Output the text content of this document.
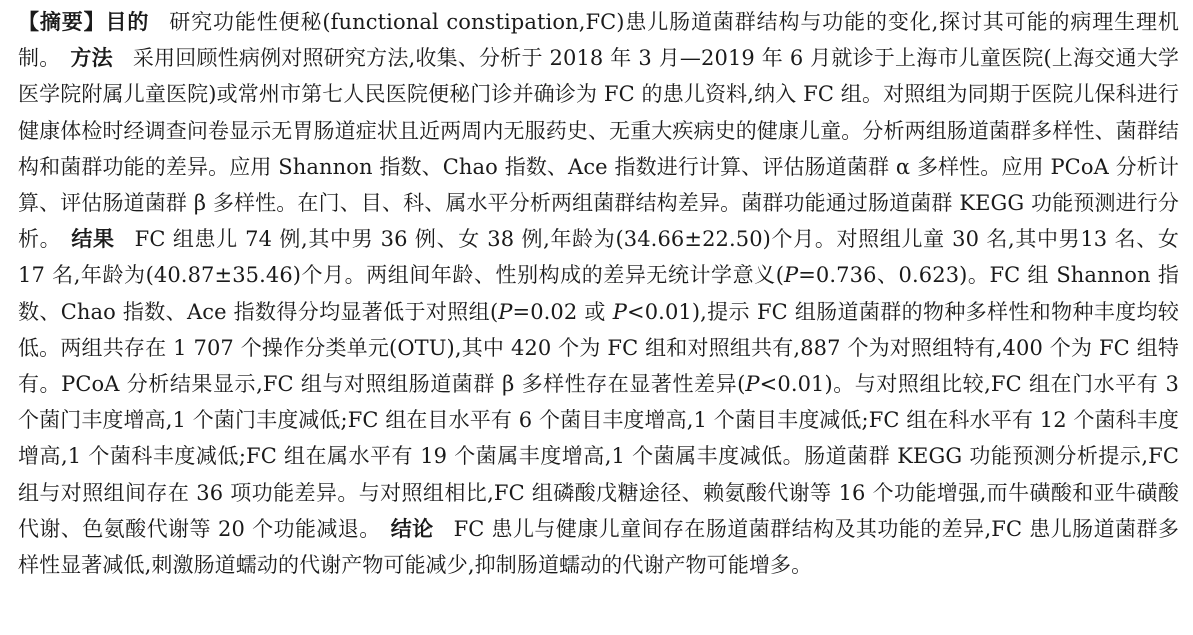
【摘要】目的 研究功能性便秘(functional constipation,FC)患儿肠道菌群结构与功能的变化,探讨其可能的病理生理机制。 方法 采用回顾性病例对照研究方法,收集、分析于 2018 年 3 月—2019 年 6 月就诊于上海市儿童医院(上海交通大学医学院附属儿童医院)或常州市第七人民医院便秘门诊并确诊为 FC 的患儿资料,纳入 FC 组。对照组为同期于医院儿保科进行健康体检时经调查问卷显示无胃肠道症状且近两周内无服药史、无重大疾病史的健康儿童。分析两组肠道菌群多样性、菌群结构和菌群功能的差异。应用 Shannon 指数、Chao 指数、Ace 指数进行计算、评估肠道菌群 α 多样性。应用 PCoA 分析计算、评估肠道菌群 β 多样性。在门、目、科、属水平分析两组菌群结构差异。菌群功能通过肠道菌群 KEGG 功能预测进行分析。 结果 FC 组患儿 74 例,其中男 36 例、女 38 例,年龄为(34.66±22.50)个月。对照组儿童 30 名,其中男13 名、女 17 名,年龄为(40.87±35.46)个月。两组间年龄、性别构成的差异无统计学意义(P=0.736、0.623)。FC 组 Shannon 指数、Chao 指数、Ace 指数得分均显著低于对照组(P=0.02 或 P<0.01),提示 FC 组肠道菌群的物种多样性和物种丰度均较低。两组共存在 1 707 个操作分类单元(OTU),其中 420 个为 FC 组和对照组共有,887 个为对照组特有,400 个为 FC 组特有。PCoA 分析结果显示,FC 组与对照组肠道菌群 β 多样性存在显著性差异(P<0.01)。与对照组比较,FC 组在门水平有 3 个菌门丰度增高,1 个菌门丰度减低;FC 组在目水平有 6 个菌目丰度增高,1 个菌目丰度减低;FC 组在科水平有 12 个菌科丰度增高,1 个菌科丰度减低;FC 组在属水平有 19 个菌属丰度增高,1 个菌属丰度减低。肠道菌群 KEGG 功能预测分析提示,FC 组与对照组间存在 36 项功能差异。与对照组相比,FC 组磷酸戊糖途径、赖氨酸代谢等 16 个功能增强,而牛磺酸和亚牛磺酸代谢、色氨酸代谢等 20 个功能减退。 结论 FC 患儿与健康儿童间存在肠道菌群结构及其功能的差异,FC 患儿肠道菌群多样性显著减低,刺激肠道蠕动的代谢产物可能减少,抑制肠道蠕动的代谢产物可能增多。
